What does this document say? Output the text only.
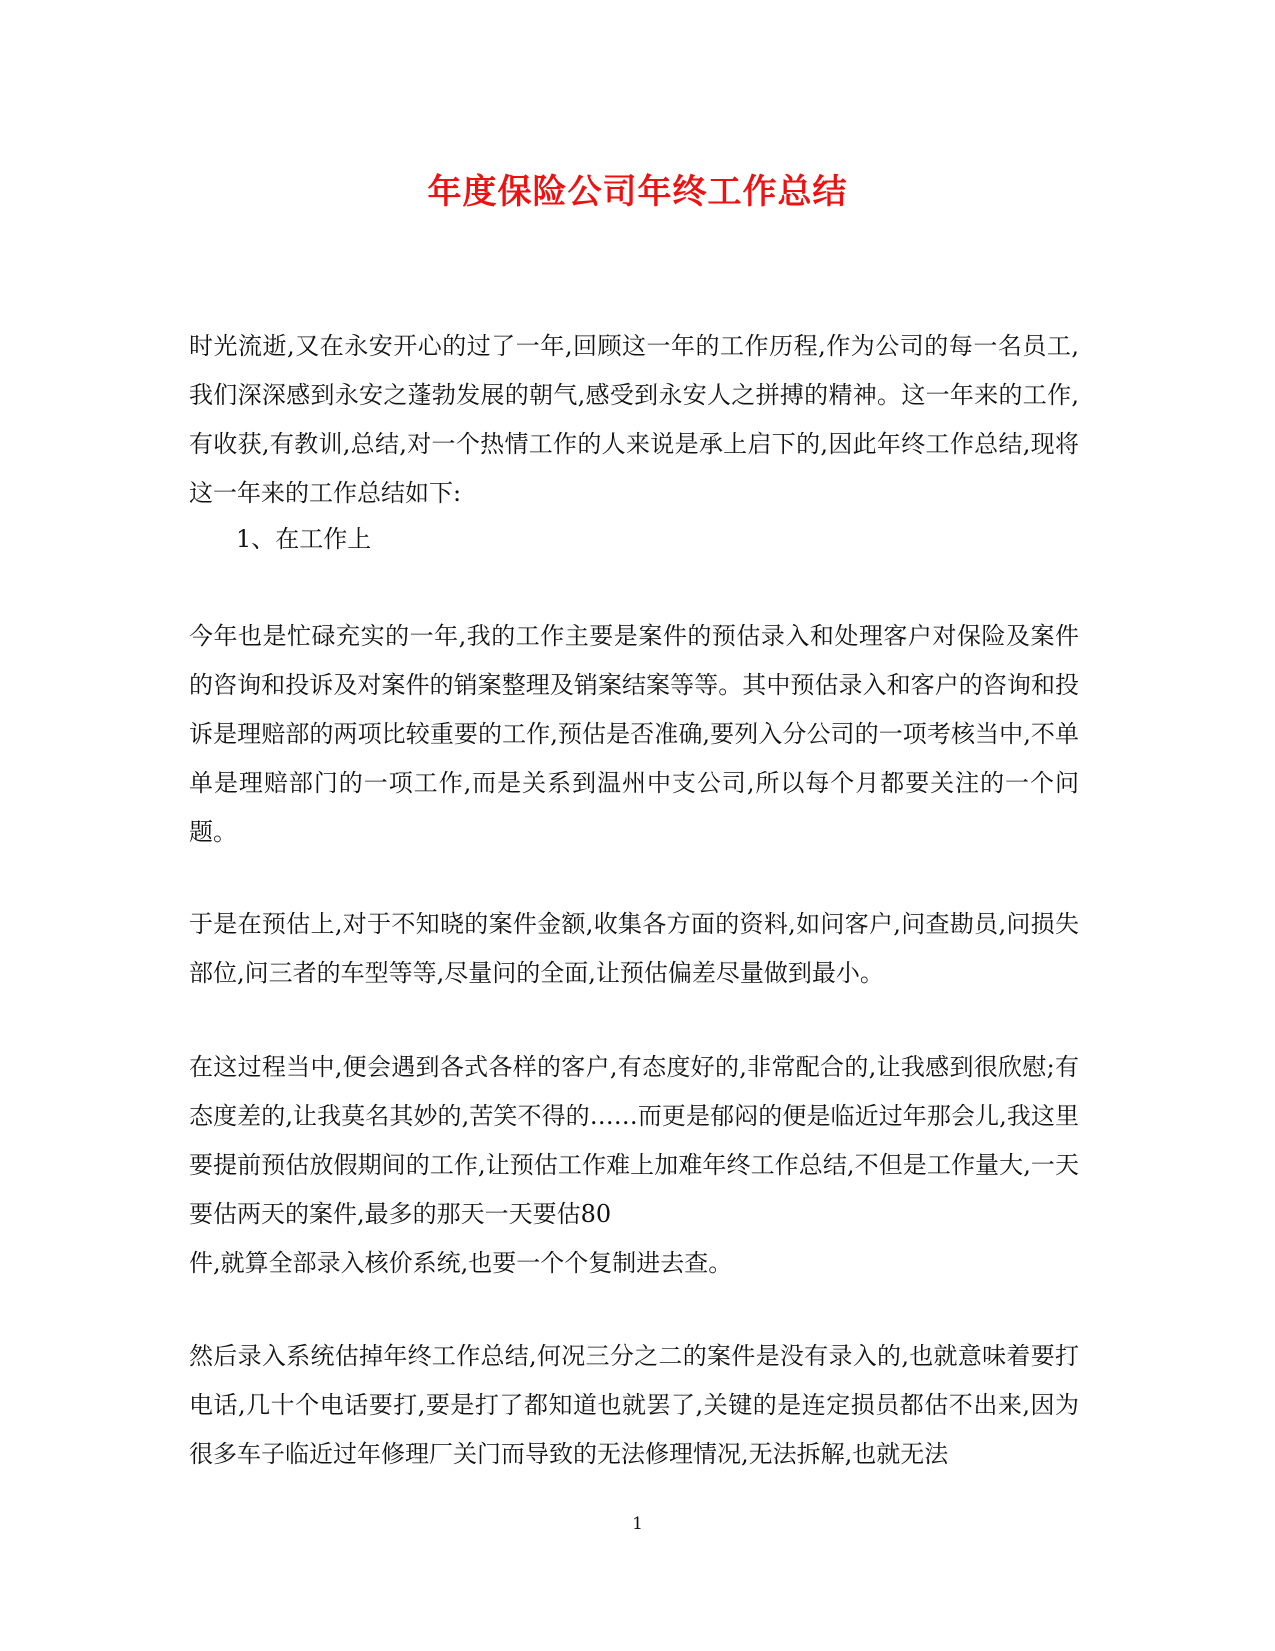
年度保险公司年终工作总结

时光流逝,又在永安开心的过了一年,回顾这一年的工作历程,作为公司的每一名员工,我们深深感到永安之蓬勃发展的朝气,感受到永安人之拼搏的精神。这一年来的工作,有收获,有教训,总结,对一个热情工作的人来说是承上启下的,因此年终工作总结,现将这一年来的工作总结如下:

1、在工作上

今年也是忙碌充实的一年,我的工作主要是案件的预估录入和处理客户对保险及案件的咨询和投诉及对案件的销案整理及销案结案等等。其中预估录入和客户的咨询和投诉是理赔部的两项比较重要的工作,预估是否准确,要列入分公司的一项考核当中,不单单是理赔部门的一项工作,而是关系到温州中支公司,所以每个月都要关注的一个问题。

于是在预估上,对于不知晓的案件金额,收集各方面的资料,如问客户,问查勘员,问损失部位,问三者的车型等等,尽量问的全面,让预估偏差尽量做到最小。

在这过程当中,便会遇到各式各样的客户,有态度好的,非常配合的,让我感到很欣慰;有态度差的,让我莫名其妙的,苦笑不得的……而更是郁闷的便是临近过年那会儿,我这里要提前预估放假期间的工作,让预估工作难上加难年终工作总结,不但是工作量大,一天要估两天的案件,最多的那天一天要估80

件,就算全部录入核价系统,也要一个个复制进去查。

然后录入系统估掉年终工作总结,何况三分之二的案件是没有录入的,也就意味着要打电话,几十个电话要打,要是打了都知道也就罢了,关键的是连定损员都估不出来,因为很多车子临近过年修理厂关门而导致的无法修理情况,无法拆解,也就无法

1
